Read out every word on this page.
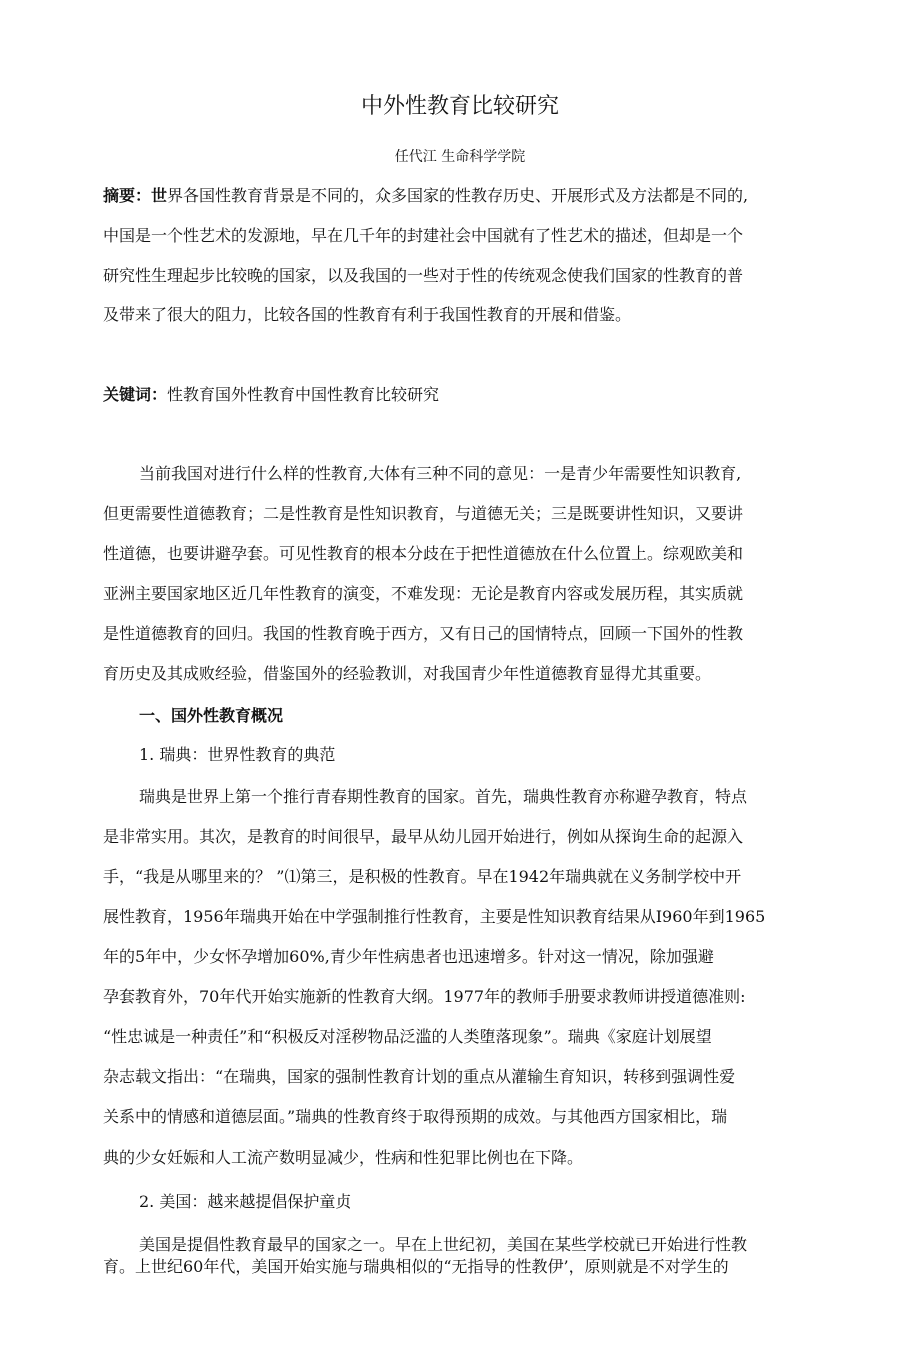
中外性教育比较研究
任代江 生命科学学院

摘要：世界各国性教育背景是不同的，众多国家的性教存历史、开展形式及方法都是不同的,

中国是一个性艺术的发源地，早在几千年的封建社会中国就有了性艺术的描述，但却是一个

研究性生理起步比较晚的国家，以及我国的一些对于性的传统观念使我们国家的性教育的普

及带来了很大的阻力，比较各国的性教育有利于我国性教育的开展和借鉴。

关键词：性教育国外性教育中国性教育比较研究

当前我国对进行什么样的性教育,大体有三种不同的意见：一是青少年需要性知识教育,

但更需要性道德教育；二是性教育是性知识教育，与道德无关；三是既要讲性知识，又要讲

性道德，也要讲避孕套。可见性教育的根本分歧在于把性道德放在什么位置上。综观欧美和

亚洲主要国家地区近几年性教育的演变，不难发现：无论是教育内容或发展历程，其实质就

是性道德教育的回归。我国的性教育晚于西方，又有日己的国情特点，回顾一下国外的性教

育历史及其成败经验，借鉴国外的经验教训，对我国青少年性道德教育显得尤其重要。

一、国外性教育概况

1. 瑞典：世界性教育的典范

瑞典是世界上第一个推行青春期性教育的国家。首先，瑞典性教育亦称避孕教育，特点

是非常实用。其次，是教育的时间很早，最早从幼儿园开始进行，例如从探询生命的起源入

手，“我是从哪里来的？ ”⑴第三，是积极的性教育。早在1942年瑞典就在义务制学校中开

展性教育，1956年瑞典开始在中学强制推行性教育，主要是性知识教育结果从I960年到1965

年的5年中，少女怀孕增加60%,青少年性病患者也迅速增多。针对这一情况，除加强避

孕套教育外，70年代开始实施新的性教育大纲。1977年的教师手册要求教师讲授道德准则:

“性忠诚是一种责任”和“积极反对淫秽物品泛滥的人类堕落现象”。瑞典《家庭计划展望

杂志载文指出：“在瑞典，国家的强制性教育计划的重点从灌输生育知识，转移到强调性爱

关系中的情感和道德层面。”瑞典的性教育终于取得预期的成效。与其他西方国家相比，瑞

典的少女妊娠和人工流产数明显减少，性病和性犯罪比例也在下降。

2. 美国：越来越提倡保护童贞

美国是提倡性教育最早的国家之一。早在上世纪初，美国在某些学校就已开始进行性教

育。上世纪60年代，美国开始实施与瑞典相似的“无指导的性教伊’，原则就是不对学生的
